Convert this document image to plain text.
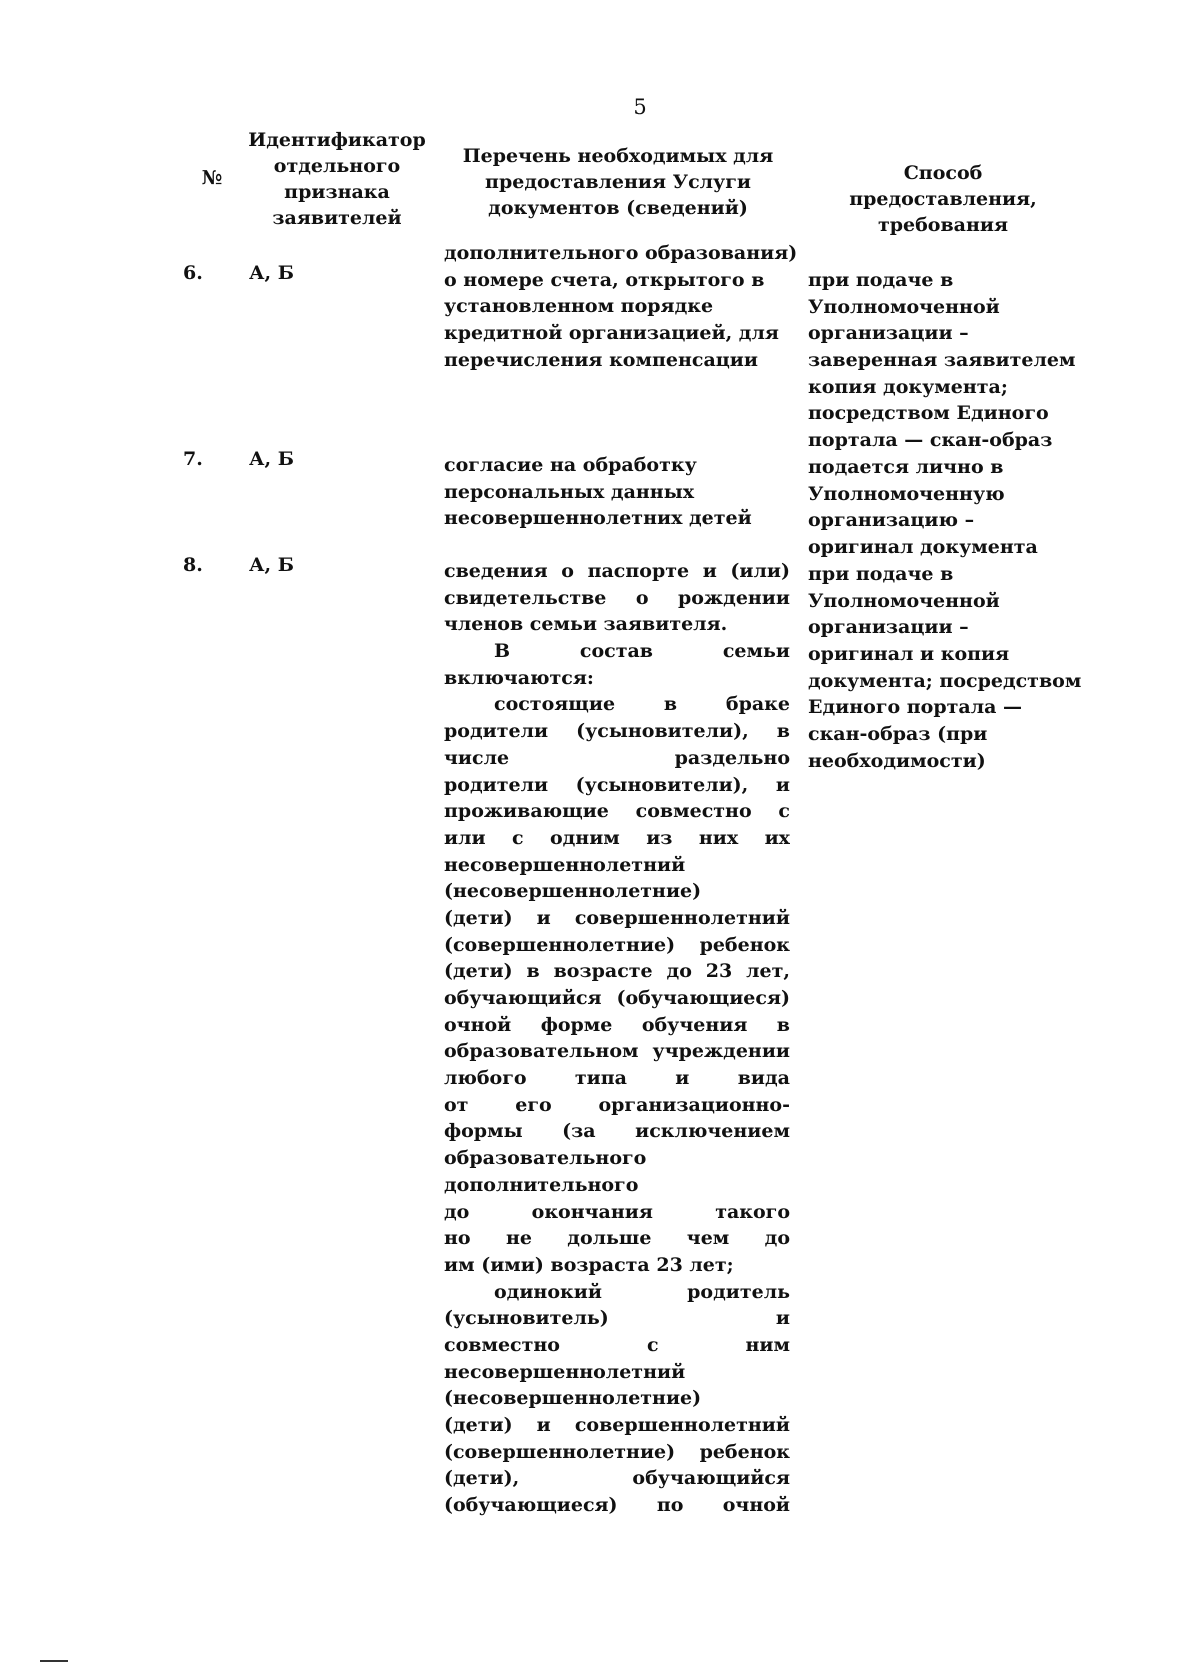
5
№
Идентификатор
отдельного
признака
заявителей
Перечень необходимых для
предоставления Услуги
документов (сведений)
Способ предоставления,
требования
6. А, Б
7. А, Б
8. А, Б
дополнительного образования)
о номере счета, открытого в
установленном порядке
кредитной организацией, для
перечисления компенсации
согласие на обработку
персональных данных
несовершеннолетних детей
сведения о паспорте и (или)
свидетельстве о рождении
членов семьи заявителя.
В состав семьи
включаются:
состоящие в браке
родители (усыновители), в
числе раздельно
родители (усыновители), и
проживающие совместно с
или с одним из них их
несовершеннолетний
(несовершеннолетние)
(дети) и совершеннолетний
(совершеннолетние) ребенок
(дети) в возрасте до 23 лет,
обучающийся (обучающиеся)
очной форме обучения в
образовательном учреждении
любого типа и вида
от его организационно-
формы (за исключением
образовательного
дополнительного
до окончания такого
но не дольше чем до
им (ими) возраста 23 лет;
одинокий родитель
(усыновитель) и
совместно с ним
несовершеннолетний
(несовершеннолетние)
(дети) и совершеннолетний
(совершеннолетние) ребенок
(дети), обучающийся
(обучающиеся) по очной
при подаче в
Уполномоченной
организации –
заверенная заявителем
копия документа;
посредством Единого
портала — скан-образ
подается лично в
Уполномоченную
организацию –
оригинал документа
при подаче в
Уполномоченной
организации –
оригинал и копия
документа; посредством
Единого портала —
скан-образ (при
необходимости)
